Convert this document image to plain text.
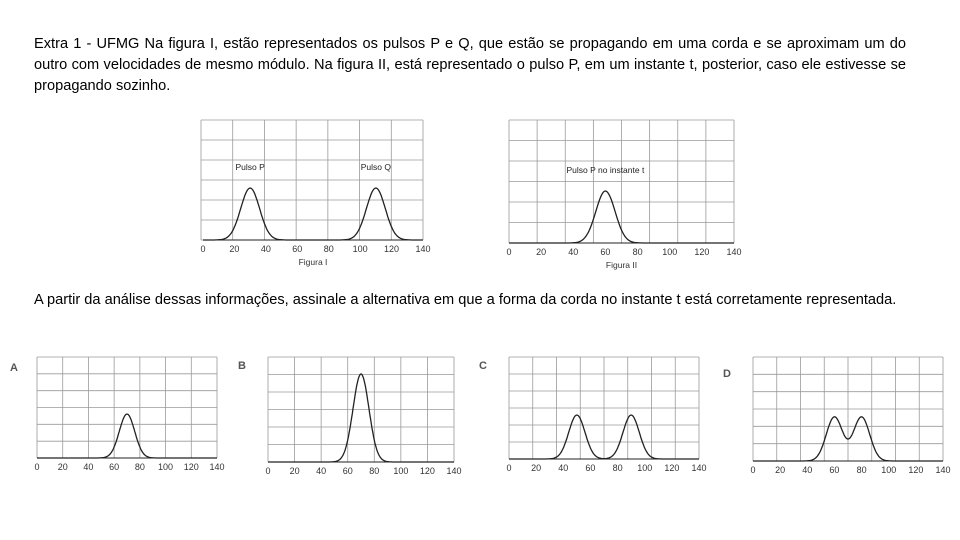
Extra 1 - UFMG Na figura I, estão representados os pulsos P e Q, que estão se propagando em uma corda e se aproximam um do outro com velocidades de mesmo módulo. Na figura II, está representado o pulso P, em um instante t, posterior, caso ele estivesse se propagando sozinho.

0	20 40 60 80 100 120 140
Pulso P	Pulso Q
Figura I
0	20 40 60 80 100 120 140
Pulso P no instante t
Figura II

A partir da análise dessas informações, assinale a alternativa em que a forma da corda no instante t está corretamente representada.

A
0 20 40 60 80 100 120 140
B
0 20 40 60 80 100 120 140
C
0 20 40 60 80 100 120 140
D
0 20 40 60 80 100 120 140
